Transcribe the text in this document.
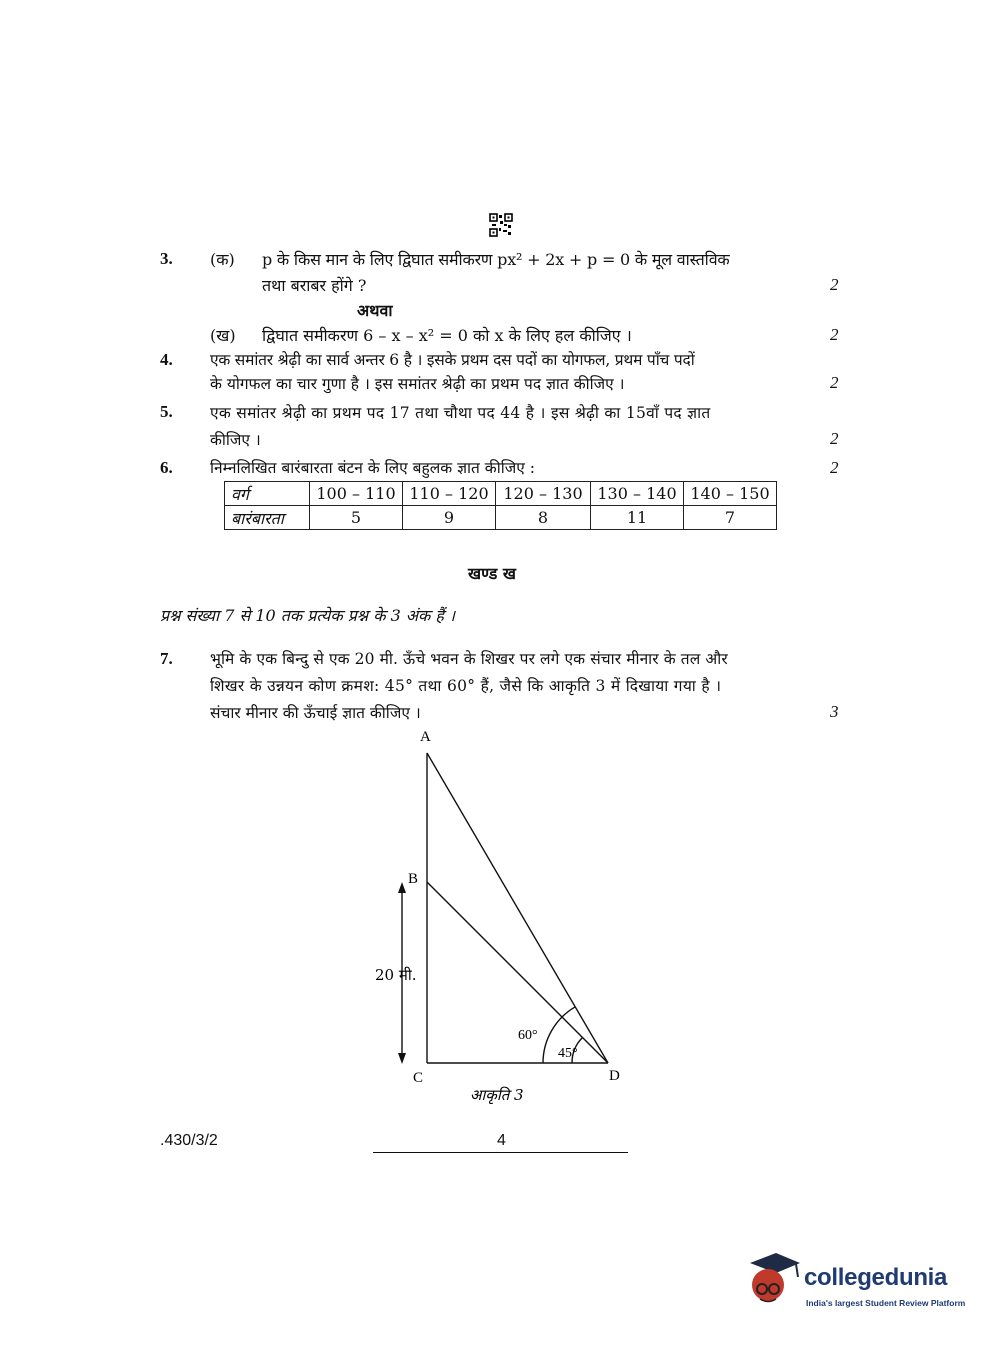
3. (क) p के किस मान के लिए द्विघात समीकरण px² + 2x + p = 0 के मूल वास्तविक
तथा बराबर होंगे ?	2
अथवा
(ख) द्विघात समीकरण 6 – x – x² = 0 को x के लिए हल कीजिए ।	2
4. एक समांतर श्रेढ़ी का सार्व अन्तर 6 है । इसके प्रथम दस पदों का योगफल, प्रथम पाँच पदों
के योगफल का चार गुणा है । इस समांतर श्रेढ़ी का प्रथम पद ज्ञात कीजिए ।	2
5. एक समांतर श्रेढ़ी का प्रथम पद 17 तथा चौथा पद 44 है । इस श्रेढ़ी का 15वाँ पद ज्ञात
कीजिए ।	2
6. निम्नलिखित बारंबारता बंटन के लिए बहुलक ज्ञात कीजिए :	2
वर्ग	100 – 110	110 – 120	120 – 130	130 – 140	140 – 150
बारंबारता	5	9	8	11	7
खण्ड ख
प्रश्न संख्या 7 से 10 तक प्रत्येक प्रश्न के 3 अंक हैं ।
7. भूमि के एक बिन्दु से एक 20 मी. ऊँचे भवन के शिखर पर लगे एक संचार मीनार के तल और
शिखर के उन्नयन कोण क्रमश: 45° तथा 60° हैं, जैसे कि आकृति 3 में दिखाया गया है ।
संचार मीनार की ऊँचाई ज्ञात कीजिए ।	3
A
B
C	D
20 मी.
60°
45°
आकृति 3
.430/3/2	4
collegedunia
India's largest Student Review Platform
